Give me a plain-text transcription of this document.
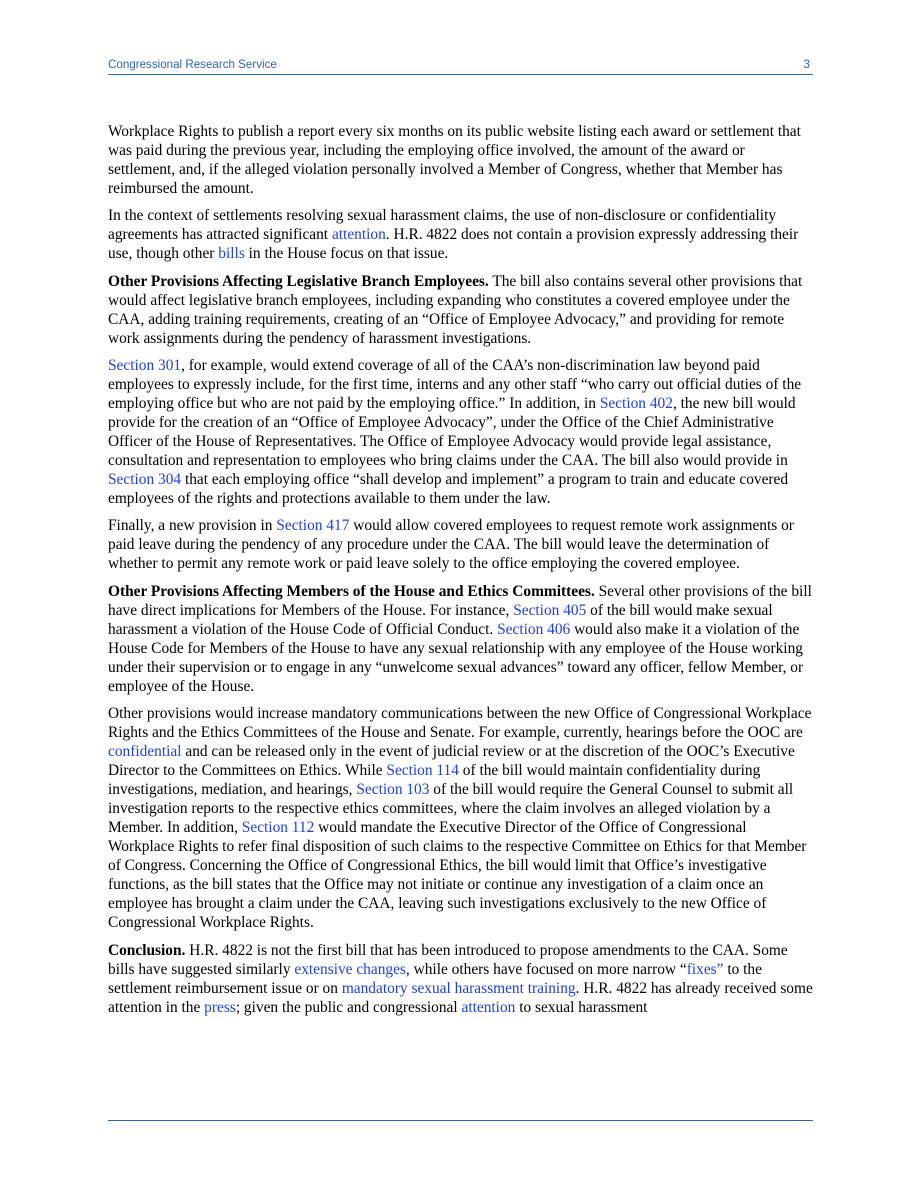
Congressional Research Service	3

Workplace Rights to publish a report every six months on its public website listing each award or settlement that was paid during the previous year, including the employing office involved, the amount of the award or settlement, and, if the alleged violation personally involved a Member of Congress, whether that Member has reimbursed the amount.

In the context of settlements resolving sexual harassment claims, the use of non-disclosure or confidentiality agreements has attracted significant attention. H.R. 4822 does not contain a provision expressly addressing their use, though other bills in the House focus on that issue.

Other Provisions Affecting Legislative Branch Employees. The bill also contains several other provisions that would affect legislative branch employees, including expanding who constitutes a covered employee under the CAA, adding training requirements, creating of an “Office of Employee Advocacy,” and providing for remote work assignments during the pendency of harassment investigations.

Section 301, for example, would extend coverage of all of the CAA’s non-discrimination law beyond paid employees to expressly include, for the first time, interns and any other staff “who carry out official duties of the employing office but who are not paid by the employing office.” In addition, in Section 402, the new bill would provide for the creation of an “Office of Employee Advocacy”, under the Office of the Chief Administrative Officer of the House of Representatives. The Office of Employee Advocacy would provide legal assistance, consultation and representation to employees who bring claims under the CAA. The bill also would provide in Section 304 that each employing office “shall develop and implement” a program to train and educate covered employees of the rights and protections available to them under the law.

Finally, a new provision in Section 417 would allow covered employees to request remote work assignments or paid leave during the pendency of any procedure under the CAA. The bill would leave the determination of whether to permit any remote work or paid leave solely to the office employing the covered employee.

Other Provisions Affecting Members of the House and Ethics Committees. Several other provisions of the bill have direct implications for Members of the House. For instance, Section 405 of the bill would make sexual harassment a violation of the House Code of Official Conduct. Section 406 would also make it a violation of the House Code for Members of the House to have any sexual relationship with any employee of the House working under their supervision or to engage in any “unwelcome sexual advances” toward any officer, fellow Member, or employee of the House.

Other provisions would increase mandatory communications between the new Office of Congressional Workplace Rights and the Ethics Committees of the House and Senate. For example, currently, hearings before the OOC are confidential and can be released only in the event of judicial review or at the discretion of the OOC’s Executive Director to the Committees on Ethics. While Section 114 of the bill would maintain confidentiality during investigations, mediation, and hearings, Section 103 of the bill would require the General Counsel to submit all investigation reports to the respective ethics committees, where the claim involves an alleged violation by a Member. In addition, Section 112 would mandate the Executive Director of the Office of Congressional Workplace Rights to refer final disposition of such claims to the respective Committee on Ethics for that Member of Congress. Concerning the Office of Congressional Ethics, the bill would limit that Office’s investigative functions, as the bill states that the Office may not initiate or continue any investigation of a claim once an employee has brought a claim under the CAA, leaving such investigations exclusively to the new Office of Congressional Workplace Rights.

Conclusion. H.R. 4822 is not the first bill that has been introduced to propose amendments to the CAA. Some bills have suggested similarly extensive changes, while others have focused on more narrow “fixes” to the settlement reimbursement issue or on mandatory sexual harassment training. H.R. 4822 has already received some attention in the press; given the public and congressional attention to sexual harassment
